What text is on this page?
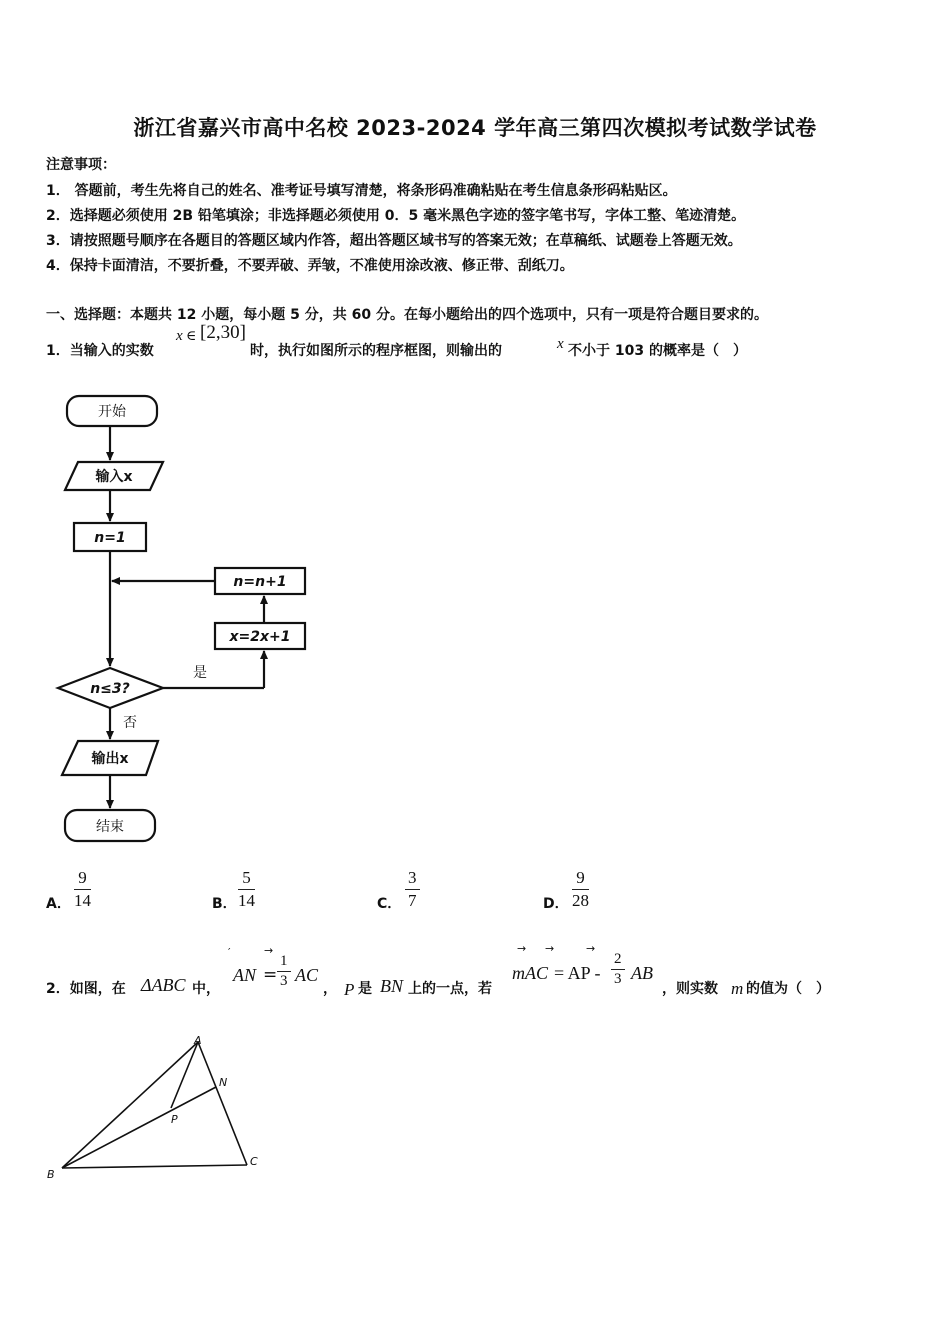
浙江省嘉兴市高中名校 2023-2024 学年高三第四次模拟考试数学试卷
注意事项：
1． 答题前，考生先将自己的姓名、准考证号填写清楚，将条形码准确粘贴在考生信息条形码粘贴区。
2．选择题必须使用 2B 铅笔填涂；非选择题必须使用 0．5 毫米黑色字迹的签字笔书写，字体工整、笔迹清楚。
3．请按照题号顺序在各题目的答题区域内作答，超出答题区域书写的答案无效；在草稿纸、试题卷上答题无效。
4．保持卡面清洁，不要折叠，不要弄破、弄皱，不准使用涂改液、修正带、刮纸刀。
一、选择题：本题共 12 小题，每小题 5 分，共 60 分。在每小题给出的四个选项中，只有一项是符合题目要求的。
1．当输入的实数
x ∈ [2,30]
时，执行如图所示的程序框图，则输出的	x 不小于 103 的概率是（　）
开始
输入x
n=1
n=n+1
x=2x+1
n≤3?
是
否
输出x
结束
A． $\frac{9}{14}$	B． $\frac{5}{14}$	C． $\frac{3}{7}$	D． $\frac{9}{28}$
2．如图，在 ΔABC 中，
′	→
AN = $\frac{1}{3}$ AC
， P 是 BN 上的一点，若
→ →	→
mAC = AP - $\frac{2}{3}$ AB
，则实数 m 的值为（　）
A
N
P
B
C
